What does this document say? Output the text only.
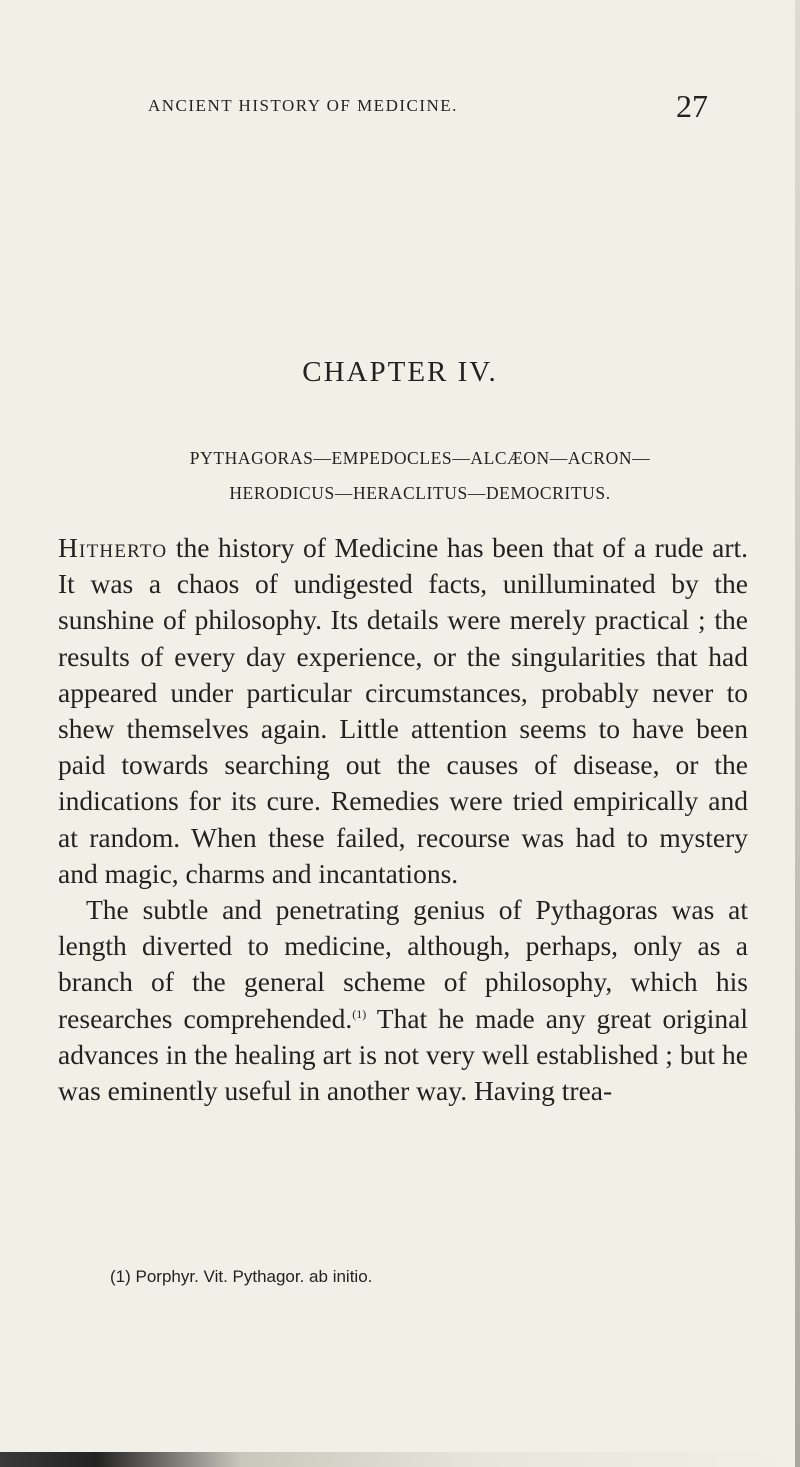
ANCIENT HISTORY OF MEDICINE.	27
CHAPTER IV.
PYTHAGORAS—EMPEDOCLES—ALCÆON—ACRON—
HERODICUS—HERACLITUS—DEMOCRITUS.

Hitherto the history of Medicine has been that of a rude art. It was a chaos of undigested facts, unilluminated by the sunshine of philosophy. Its details were merely practical ; the results of every day experience, or the singularities that had appeared under particular circumstances, probably never to shew themselves again. Little attention seems to have been paid towards searching out the causes of disease, or the indications for its cure. Remedies were tried empirically and at random. When these failed, recourse was had to mystery and magic, charms and incantations.

The subtle and penetrating genius of Pythagoras was at length diverted to medicine, although, perhaps, only as a branch of the general scheme of philosophy, which his researches comprehended.$^{(1)}$ That he made any great original advances in the healing art is not very well established ; but he was eminently useful in another way. Having trea-

(1) Porphyr. Vit. Pythagor. ab initio.
